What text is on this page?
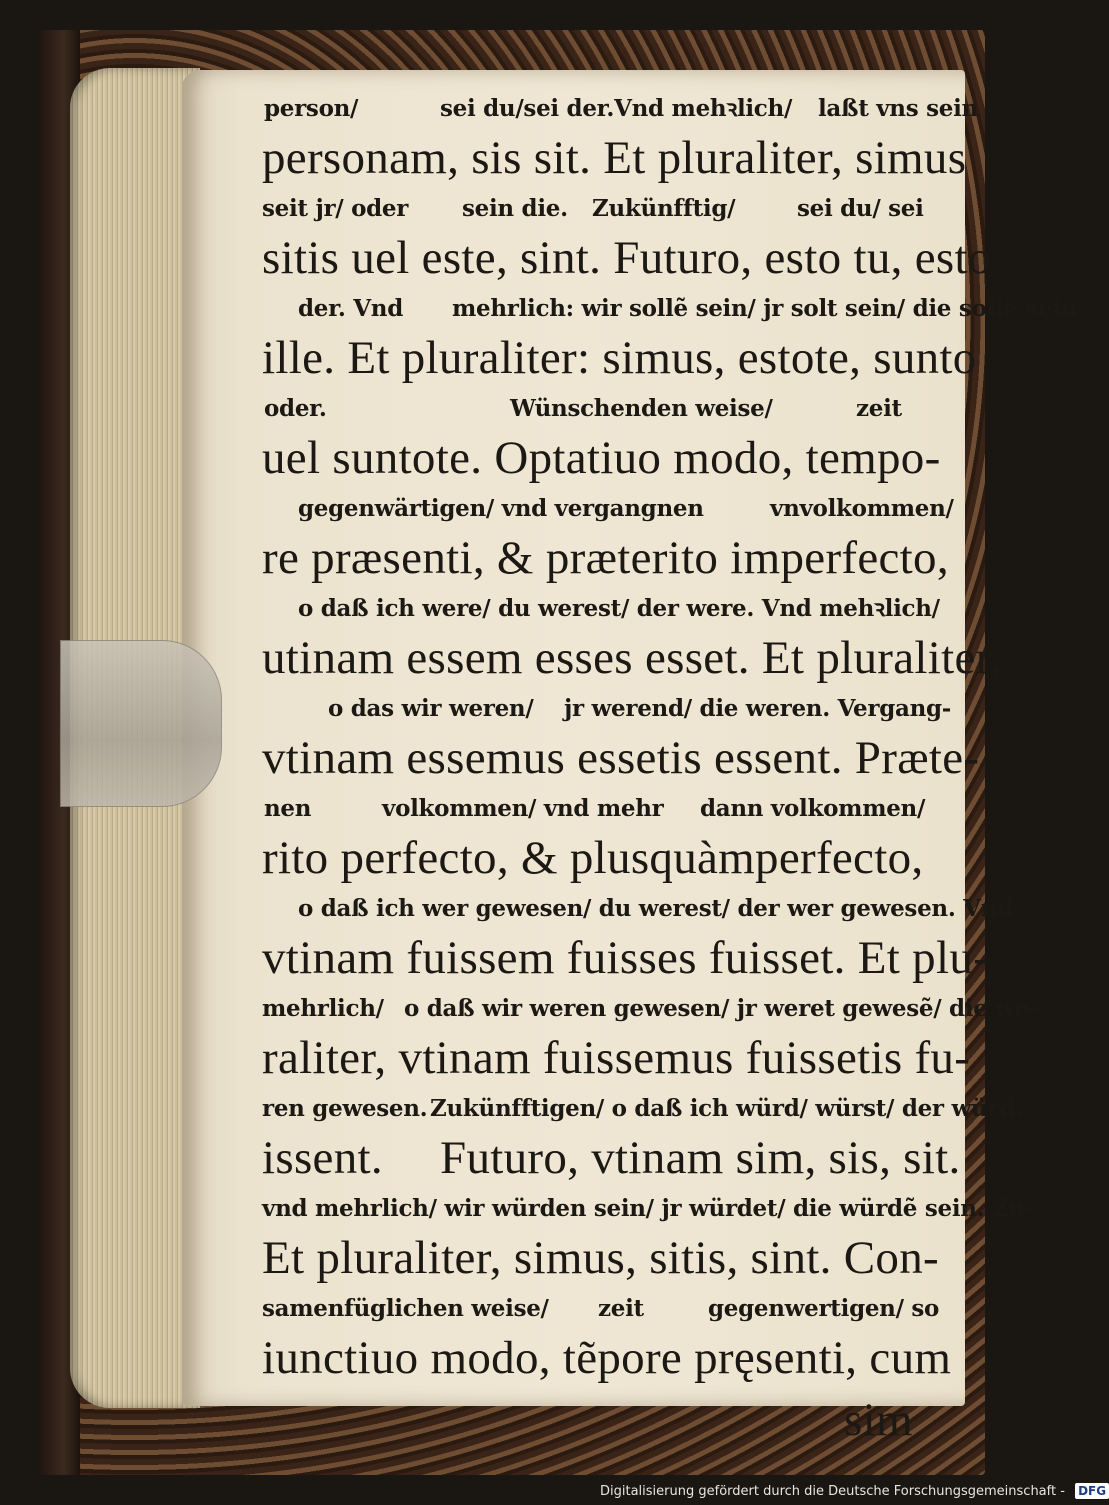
person/	sei du/sei der.Vnd mehꝛlich/ laßt vns sein
personam, sis sit. Et pluraliter, simus
seit jr/ oder sein die. Zukünfftig/	sei du/ sei
sitis uel este, sint. Futuro, esto tu, esto
der. Vnd mehrlich: wir sollẽ sein/ jr solt sein/ die sollẽ sein
ille. Et pluraliter: simus, estote, sunto
oder.	Wünschenden weise/	zeit
uel suntote. Optatiuo modo, tempo-
gegenwärtigen/ vnd vergangnen	vnvolkommen/
re præsenti, & præterito imperfecto,
o daß ich were/ du werest/ der were. Vnd mehꝛlich/
utinam essem esses esset. Et pluraliter,
o das wir weren/ jr werend/ die weren. Vergang-
vtinam essemus essetis essent. Præte-
nen	volkommen/ vnd mehr dann volkommen/
rito perfecto, & plusquàmperfecto,
o daß ich wer gewesen/ du werest/ der wer gewesen. Vnd
vtinam fuissem fuisses fuisset. Et plu-
mehrlich/ o daß wir weren gewesen/ jr weret gewesẽ/ die we-
raliter, vtinam fuissemus fuissetis fu-
ren gewesen. Zukünfftigen/ o daß ich würd/ würst/ der würd.
issent. Futuro, vtinam sim, sis, sit.
vnd mehrlich/ wir würden sein/ jr würdet/ die würdẽ sein. Zu-
Et pluraliter, simus, sitis, sint. Con-
samenfüglichen weise/ zeit	gegenwertigen/ so
iunctiuo modo, tẽpore pręsenti, cum
sim
Digitalisierung gefördert durch die Deutsche Forschungsgemeinschaft - DFG
